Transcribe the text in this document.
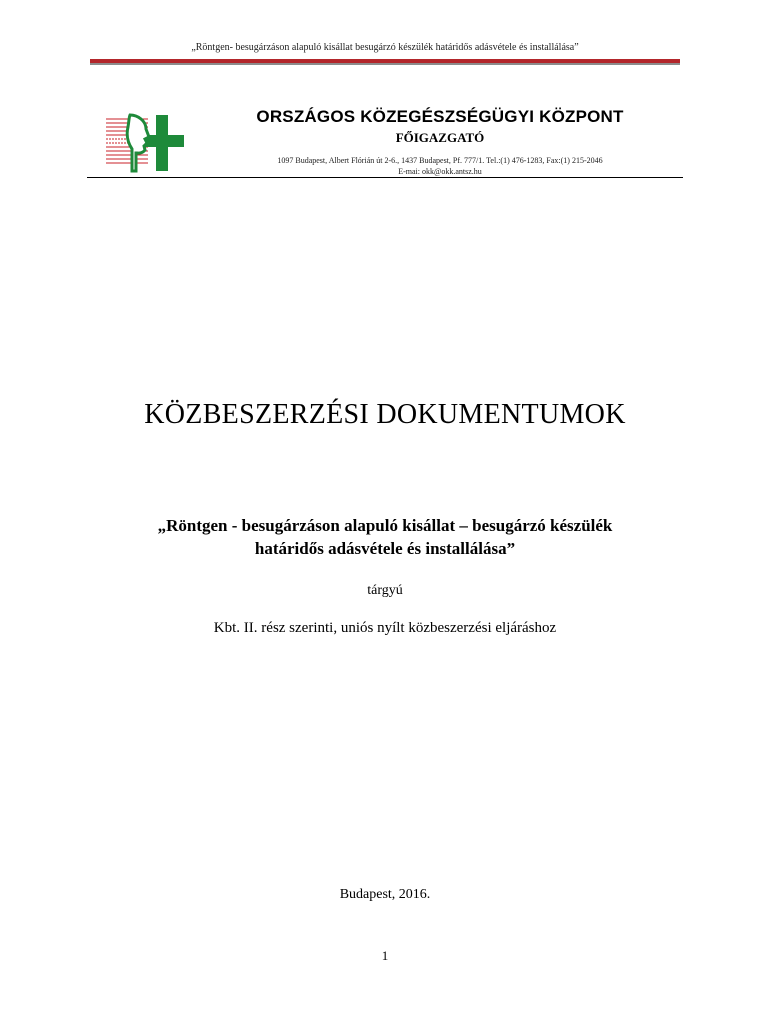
„Röntgen- besugárzáson alapuló kisállat besugárzó készülék határidős adásvétele és installálása”
ORSZÁGOS KÖZEGÉSZSÉGÜGYI KÖZPONT
FŐIGAZGATÓ
1097 Budapest, Albert Flórián út 2-6., 1437 Budapest, Pf. 777/1. Tel.:(1) 476-1283, Fax:(1) 215-2046
E-mai: okk@okk.antsz.hu
KÖZBESZERZÉSI DOKUMENTUMOK
„Röntgen - besugárzáson alapuló kisállat – besugárzó készülék
határidős adásvétele és installálása”
tárgyú
Kbt. II. rész szerinti, uniós nyílt közbeszerzési eljáráshoz
Budapest, 2016.
1
